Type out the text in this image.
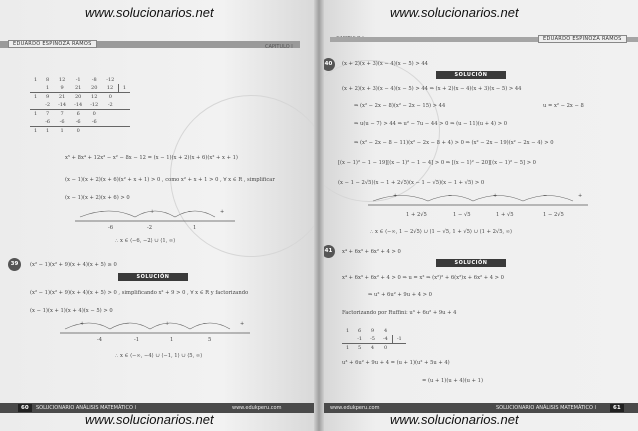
www.solucionarios.net
EDUARDO ESPINOZA RAMOS	CAPITULO I
1	8	12	-1	-8	-12	
	1	9	21	20	12	1
1	9	21	20	12	0	
	-2	-14	-14	-12	-2	
1	7	7	6	0		
	-6	-6	-6	-6		
1	1	1	0			
x⁵ + 8x⁴ + 12x³ − x² − 8x − 12 = (x − 1)(x + 2)(x + 6)(x² + x + 1)
(x − 1)(x + 2)(x + 6)(x² + x + 1) > 0 , como x² + x + 1 > 0 , ∀ x ∈ R , simplificar
(x − 1)(x + 2)(x + 6) > 0
−	+	−	+
-6	-2	1
∴ x ∈ ⟨−6, −2⟩ ∪ ⟨1, ∞⟩
39	(x² − 1)(x² + 9)(x + 4)(x + 5) ≥ 0
SOLUCIÓN
(x² − 1)(x² + 9)(x + 4)(x + 5) > 0 , simplificando x² + 9 > 0 , ∀ x ∈ R y factorizando
(x − 1)(x + 1)(x + 4)(x − 5) > 0
+	−	+	−	+
-4	-1	1	5
∴ x ∈ ⟨−∞, −4⟩ ∪ ⟨−1, 1⟩ ∪ ⟨5, ∞⟩
60	SOLUCIONARIO ANÁLISIS MATEMÁTICO I	www.edukperu.com
www.solucionarios.net
www.solucionarios.net
EDUARDO ESPINOZA RAMOS
40	(x + 2)(x + 3)(x − 4)(x − 5) > 44
SOLUCIÓN
(x + 2)(x + 3)(x − 4)(x − 5) > 44 ⇒ (x + 2)(x − 4)(x + 3)(x − 5) > 44
⇒ (x² − 2x − 8)(x² − 2x − 15) > 44	u = x² − 2x − 8
⇒ u(u − 7) > 44 ⇒ u² − 7u − 44 > 0 ⇒ (u − 11)(u + 4) > 0
⇒ (x² − 2x − 8 − 11)(x² − 2x − 8 + 4) > 0 ⇒ (x² − 2x − 19)(x² − 2x − 4) > 0
[(x − 1)² − 1 − 19][(x − 1)² − 1 − 4] > 0 ⇒ [(x − 1)² − 20][(x − 1)² − 5] > 0
(x − 1 − 2√5)(x − 1 + 2√5)(x − 1 − √5)(x − 1 + √5) > 0
+	−	+	−	+
1 + 2√5	1 − √5	1 + √5	1 − 2√5
∴ x ∈ ⟨−∞, 1 − 2√5⟩ ∪ ⟨1 − √5, 1 + √5⟩ ∪ ⟨1 + 2√5, ∞⟩
41	x⁴ + 6x³ + 6x² + 4 > 0
SOLUCIÓN
x⁴ + 6x³ + 6x² + 4 > 0 ⇒ u = x² ⇒ (x²)² + 6(x²)x + 6x² + 4 > 0
⇒ u² + 6u² + 9u + 4 > 0
Factorizando por Ruffini: u³ + 6u² + 9u + 4
1	6	9	4	
	-1	-5	-4	-1
1	5	4	0	
u³ + 6u² + 9u + 4 = (u + 1)(u² + 5u + 4)
= (u + 1)(u + 4)(u + 1)
www.edukperu.com	SOLUCIONARIO ANÁLISIS MATEMÁTICO I	61
www.solucionarios.net
